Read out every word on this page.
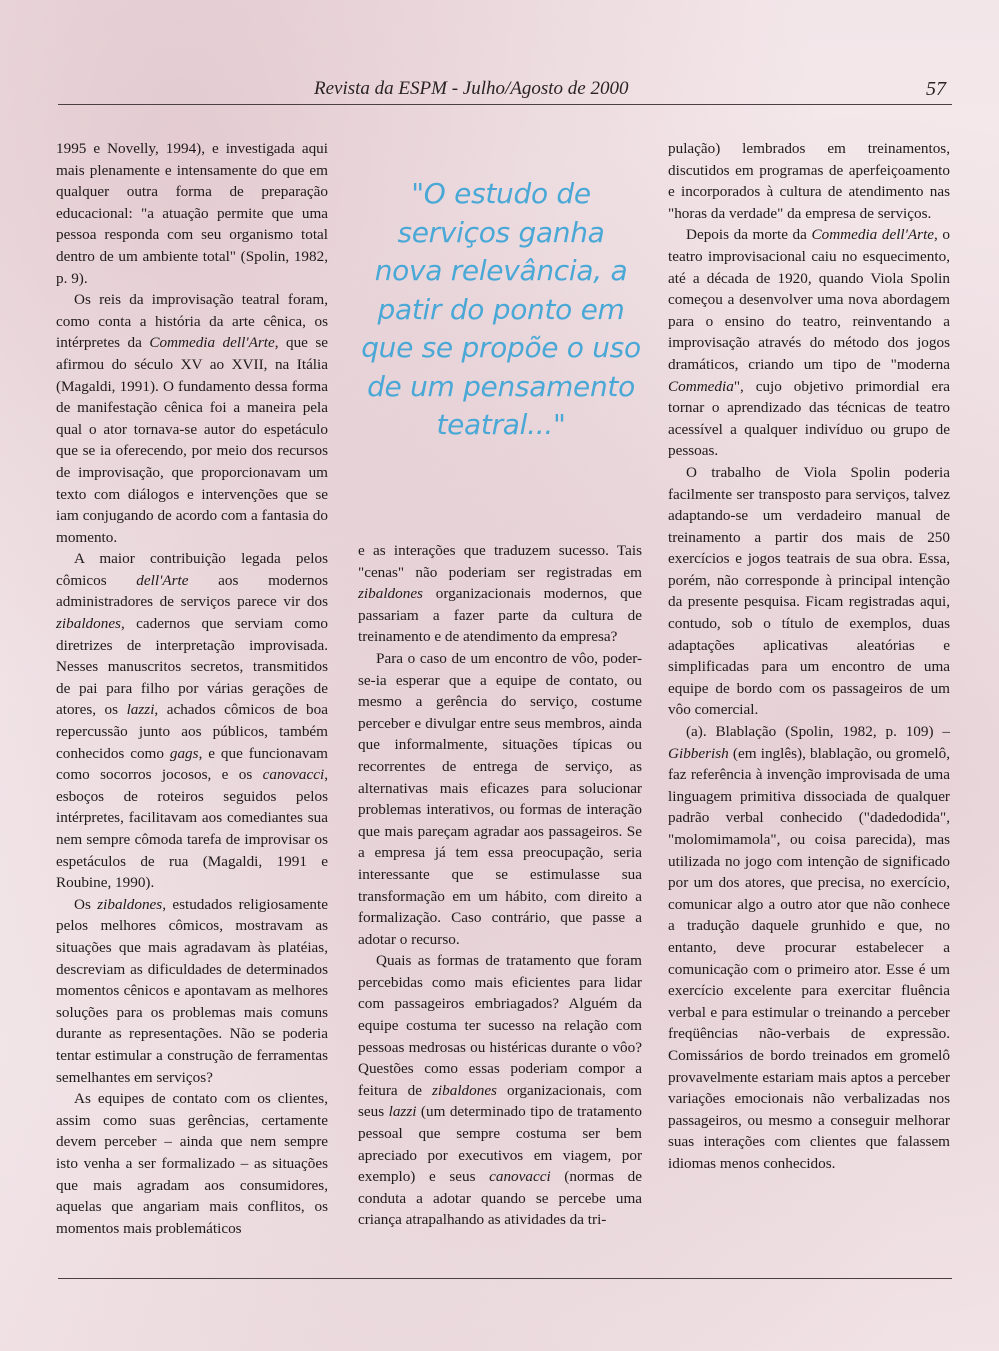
Revista da ESPM - Julho/Agosto de 2000	57

1995 e Novelly, 1994), e investigada aqui mais plenamente e intensamente do que em qualquer outra forma de preparação educacional: "a atuação permite que uma pessoa responda com seu organismo total dentro de um ambiente total" (Spolin, 1982, p. 9).

Os reis da improvisação teatral foram, como conta a história da arte cênica, os intérpretes da Commedia dell'Arte, que se afirmou do século XV ao XVII, na Itália (Magaldi, 1991). O fundamento dessa forma de manifestação cênica foi a maneira pela qual o ator tornava-se autor do espetáculo que se ia oferecendo, por meio dos recursos de improvisação, que proporcionavam um texto com diálogos e intervenções que se iam conjugando de acordo com a fantasia do momento.

A maior contribuição legada pelos cômicos dell'Arte aos modernos administradores de serviços parece vir dos zibaldones, cadernos que serviam como diretrizes de interpretação improvisada. Nesses manuscritos secretos, transmitidos de pai para filho por várias gerações de atores, os lazzi, achados cômicos de boa repercussão junto aos públicos, também conhecidos como gags, e que funcionavam como socorros jocosos, e os canovacci, esboços de roteiros seguidos pelos intérpretes, facilitavam aos comediantes sua nem sempre cômoda tarefa de improvisar os espetáculos de rua (Magaldi, 1991 e Roubine, 1990).

Os zibaldones, estudados religiosamente pelos melhores cômicos, mostravam as situações que mais agradavam às platéias, descreviam as dificuldades de determinados momentos cênicos e apontavam as melhores soluções para os problemas mais comuns durante as representações. Não se poderia tentar estimular a construção de ferramentas semelhantes em serviços?

As equipes de contato com os clientes, assim como suas gerências, certamente devem perceber – ainda que nem sempre isto venha a ser formalizado – as situações que mais agradam aos consumidores, aquelas que angariam mais conflitos, os momentos mais problemáticos

"O estudo de serviços ganha nova relevância, a patir do ponto em que se propõe o uso de um pensamento teatral..."

e as interações que traduzem sucesso. Tais "cenas" não poderiam ser registradas em zibaldones organizacionais modernos, que passariam a fazer parte da cultura de treinamento e de atendimento da empresa?

Para o caso de um encontro de vôo, poder-se-ia esperar que a equipe de contato, ou mesmo a gerência do serviço, costume perceber e divulgar entre seus membros, ainda que informalmente, situações típicas ou recorrentes de entrega de serviço, as alternativas mais eficazes para solucionar problemas interativos, ou formas de interação que mais pareçam agradar aos passageiros. Se a empresa já tem essa preocupação, seria interessante que se estimulasse sua transformação em um hábito, com direito a formalização. Caso contrário, que passe a adotar o recurso.

Quais as formas de tratamento que foram percebidas como mais eficientes para lidar com passageiros embriagados? Alguém da equipe costuma ter sucesso na relação com pessoas medrosas ou histéricas durante o vôo? Questões como essas poderiam compor a feitura de zibaldones organizacionais, com seus lazzi (um determinado tipo de tratamento pessoal que sempre costuma ser bem apreciado por executivos em viagem, por exemplo) e seus canovacci (normas de conduta a adotar quando se percebe uma criança atrapalhando as atividades da tri-

pulação) lembrados em treinamentos, discutidos em programas de aperfeiçoamento e incorporados à cultura de atendimento nas "horas da verdade" da empresa de serviços.

Depois da morte da Commedia dell'Arte, o teatro improvisacional caiu no esquecimento, até a década de 1920, quando Viola Spolin começou a desenvolver uma nova abordagem para o ensino do teatro, reinventando a improvisação através do método dos jogos dramáticos, criando um tipo de "moderna Commedia", cujo objetivo primordial era tornar o aprendizado das técnicas de teatro acessível a qualquer indivíduo ou grupo de pessoas.

O trabalho de Viola Spolin poderia facilmente ser transposto para serviços, talvez adaptando-se um verdadeiro manual de treinamento a partir dos mais de 250 exercícios e jogos teatrais de sua obra. Essa, porém, não corresponde à principal intenção da presente pesquisa. Ficam registradas aqui, contudo, sob o título de exemplos, duas adaptações aplicativas aleatórias e simplificadas para um encontro de uma equipe de bordo com os passageiros de um vôo comercial.

(a). Blablação (Spolin, 1982, p. 109) – Gibberish (em inglês), blablação, ou gromelô, faz referência à invenção improvisada de uma linguagem primitiva dissociada de qualquer padrão verbal conhecido ("dadedodida", "molomimamola", ou coisa parecida), mas utilizada no jogo com intenção de significado por um dos atores, que precisa, no exercício, comunicar algo a outro ator que não conhece a tradução daquele grunhido e que, no entanto, deve procurar estabelecer a comunicação com o primeiro ator. Esse é um exercício excelente para exercitar fluência verbal e para estimular o treinando a perceber freqüências não-verbais de expressão. Comissários de bordo treinados em gromelô provavelmente estariam mais aptos a perceber variações emocionais não verbalizadas nos passageiros, ou mesmo a conseguir melhorar suas interações com clientes que falassem idiomas menos conhecidos.
